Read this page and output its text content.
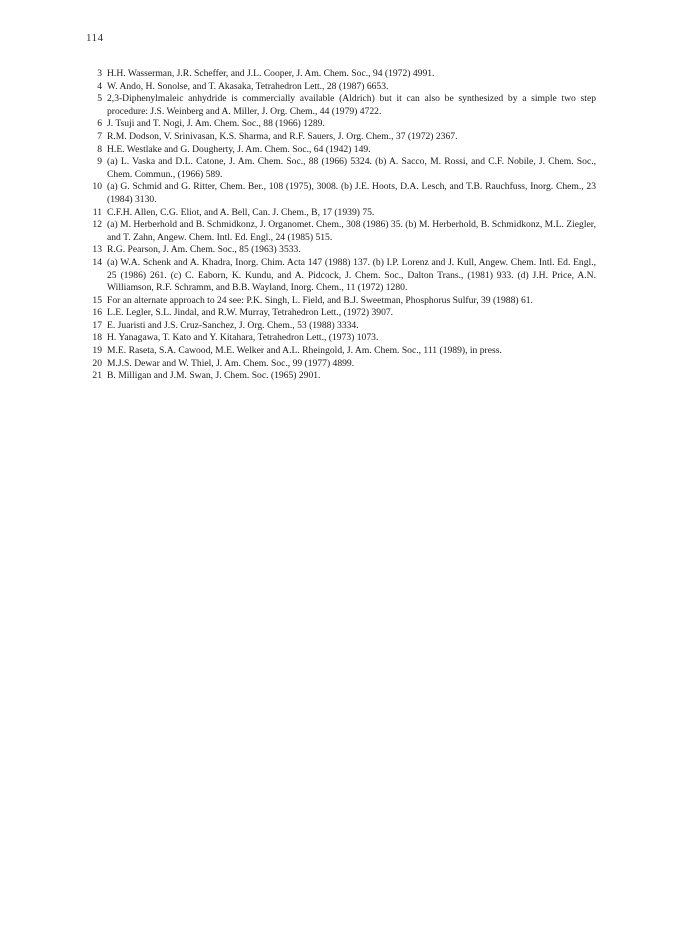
114
3 H.H. Wasserman, J.R. Scheffer, and J.L. Cooper, J. Am. Chem. Soc., 94 (1972) 4991.
4 W. Ando, H. Sonolse, and T. Akasaka, Tetrahedron Lett., 28 (1987) 6653.
5 2,3-Diphenylmaleic anhydride is commercially available (Aldrich) but it can also be synthesized by a simple two step procedure: J.S. Weinberg and A. Miller, J. Org. Chem., 44 (1979) 4722.
6 J. Tsuji and T. Nogi, J. Am. Chem. Soc., 88 (1966) 1289.
7 R.M. Dodson, V. Srinivasan, K.S. Sharma, and R.F. Sauers, J. Org. Chem., 37 (1972) 2367.
8 H.E. Westlake and G. Dougherty, J. Am. Chem. Soc., 64 (1942) 149.
9 (a) L. Vaska and D.L. Catone, J. Am. Chem. Soc., 88 (1966) 5324. (b) A. Sacco, M. Rossi, and C.F. Nobile, J. Chem. Soc., Chem. Commun., (1966) 589.
10 (a) G. Schmid and G. Ritter, Chem. Ber., 108 (1975), 3008. (b) J.E. Hoots, D.A. Lesch, and T.B. Rauchfuss, Inorg. Chem., 23 (1984) 3130.
11 C.F.H. Allen, C.G. Eliot, and A. Bell, Can. J. Chem., B, 17 (1939) 75.
12 (a) M. Herberhold and B. Schmidkonz, J. Organomet. Chem., 308 (1986) 35. (b) M. Herberhold, B. Schmidkonz, M.L. Ziegler, and T. Zahn, Angew. Chem. Intl. Ed. Engl., 24 (1985) 515.
13 R.G. Pearson, J. Am. Chem. Soc., 85 (1963) 3533.
14 (a) W.A. Schenk and A. Khadra, Inorg. Chim. Acta 147 (1988) 137. (b) I.P. Lorenz and J. Kull, Angew. Chem. Intl. Ed. Engl., 25 (1986) 261. (c) C. Eaborn, K. Kundu, and A. Pidcock, J. Chem. Soc., Dalton Trans., (1981) 933. (d) J.H. Price, A.N. Williamson, R.F. Schramm, and B.B. Wayland, Inorg. Chem., 11 (1972) 1280.
15 For an alternate approach to 24 see: P.K. Singh, L. Field, and B.J. Sweetman, Phosphorus Sulfur, 39 (1988) 61.
16 L.E. Legler, S.L. Jindal, and R.W. Murray, Tetrahedron Lett., (1972) 3907.
17 E. Juaristi and J.S. Cruz-Sanchez, J. Org. Chem., 53 (1988) 3334.
18 H. Yanagawa, T. Kato and Y. Kitahara, Tetrahedron Lett., (1973) 1073.
19 M.E. Raseta, S.A. Cawood, M.E. Welker and A.L. Rheingold, J. Am. Chem. Soc., 111 (1989), in press.
20 M.J.S. Dewar and W. Thiel, J. Am. Chem. Soc., 99 (1977) 4899.
21 B. Milligan and J.M. Swan, J. Chem. Soc. (1965) 2901.
